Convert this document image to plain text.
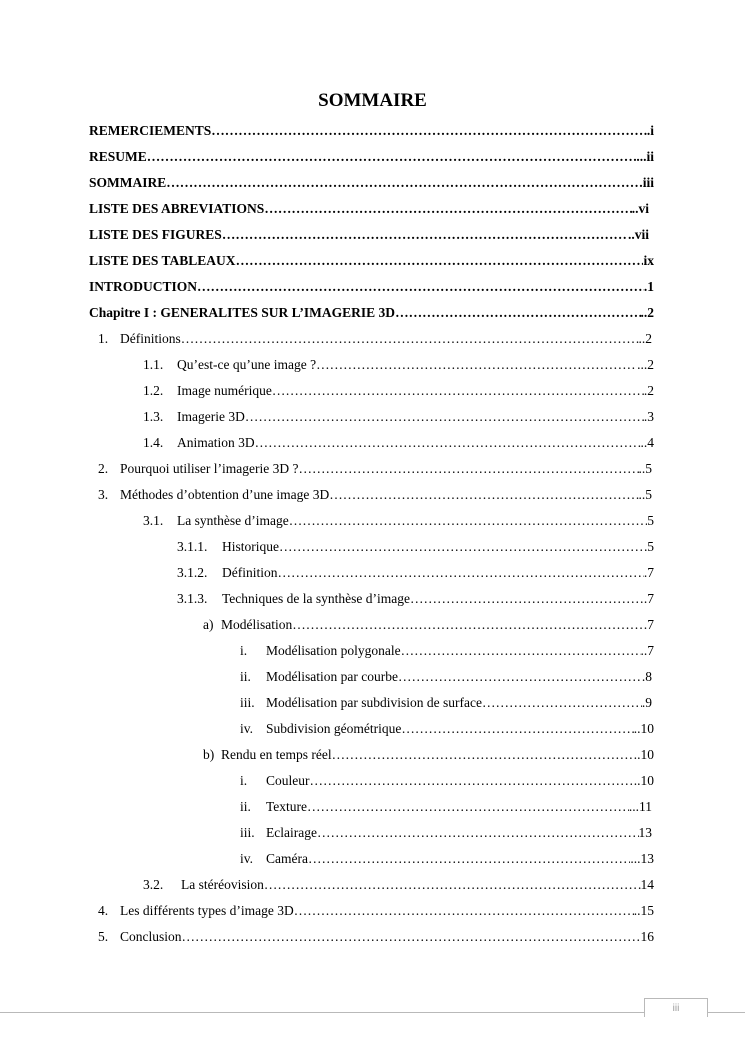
SOMMAIRE
REMERCIEMENTS ……………………………………………………………………………………………………………………………………………………………………………………………………………………	.i
RESUME ……………………………………………………………………………………………………………………………………………………………………………………………………………………	...ii
SOMMAIRE ……………………………………………………………………………………………………………………………………………………………………………………………………………………	iii
LISTE DES ABREVIATIONS ……………………………………………………………………………………………………………………………………………………………………………………………………………………	..vi
LISTE DES FIGURES ……………………………………………………………………………………………………………………………………………………………………………………………………………………	..vii
LISTE DES TABLEAUX ……………………………………………………………………………………………………………………………………………………………………………………………………………………	ix
INTRODUCTION ……………………………………………………………………………………………………………………………………………………………………………………………………………………	.1
Chapitre I : GENERALITES SUR L’IMAGERIE 3D ……………………………………………………………………………………………………………………………………………………………………………………………………………………	..2
1. Définitions ……………………………………………………………………………………………………………………………………………………………………………………………………………………	..2
1.1.	Qu’est-ce qu’une image ? ……………………………………………………………………………………………………………………………………………………………………………………………………………………	...2
1.2.	Image numérique ……………………………………………………………………………………………………………………………………………………………………………………………………………………	.2
1.3.	Imagerie 3D ……………………………………………………………………………………………………………………………………………………………………………………………………………………	.3
1.4.	Animation 3D ……………………………………………………………………………………………………………………………………………………………………………………………………………………	..4
2. Pourquoi utiliser l’imagerie 3D ? ……………………………………………………………………………………………………………………………………………………………………………………………………………………	..5
3. Méthodes d’obtention d’une image 3D ……………………………………………………………………………………………………………………………………………………………………………………………………………………	..5
3.1.	La synthèse d’image ……………………………………………………………………………………………………………………………………………………………………………………………………………………	5
3.1.1.	Historique ……………………………………………………………………………………………………………………………………………………………………………………………………………………	5
3.1.2.	Définition ……………………………………………………………………………………………………………………………………………………………………………………………………………………	.7
3.1.3.	Techniques de la synthèse d’image ……………………………………………………………………………………………………………………………………………………………………………………………………………………	.7
a) Modélisation ……………………………………………………………………………………………………………………………………………………………………………………………………………………	7
i.	Modélisation polygonale ……………………………………………………………………………………………………………………………………………………………………………………………………………………	..7
ii.	Modélisation par courbe ……………………………………………………………………………………………………………………………………………………………………………………………………………………	.8
iii. Modélisation par subdivision de surface ……………………………………………………………………………………………………………………………………………………………………………………………………………………	.9
iv. Subdivision géométrique ……………………………………………………………………………………………………………………………………………………………………………………………………………………	..10
b) Rendu en temps réel ……………………………………………………………………………………………………………………………………………………………………………………………………………………	.10
i.	Couleur ……………………………………………………………………………………………………………………………………………………………………………………………………………………	..10
ii.	Texture ……………………………………………………………………………………………………………………………………………………………………………………………………………………	...11
iii. Eclairage ……………………………………………………………………………………………………………………………………………………………………………………………………………………	13
iv. Caméra ……………………………………………………………………………………………………………………………………………………………………………………………………………………	...13
3.2.	La stéréovision ……………………………………………………………………………………………………………………………………………………………………………………………………………………	14
4. Les différents types d’image 3D ……………………………………………………………………………………………………………………………………………………………………………………………………………………	..15
5. Conclusion ……………………………………………………………………………………………………………………………………………………………………………………………………………………	16
iii
